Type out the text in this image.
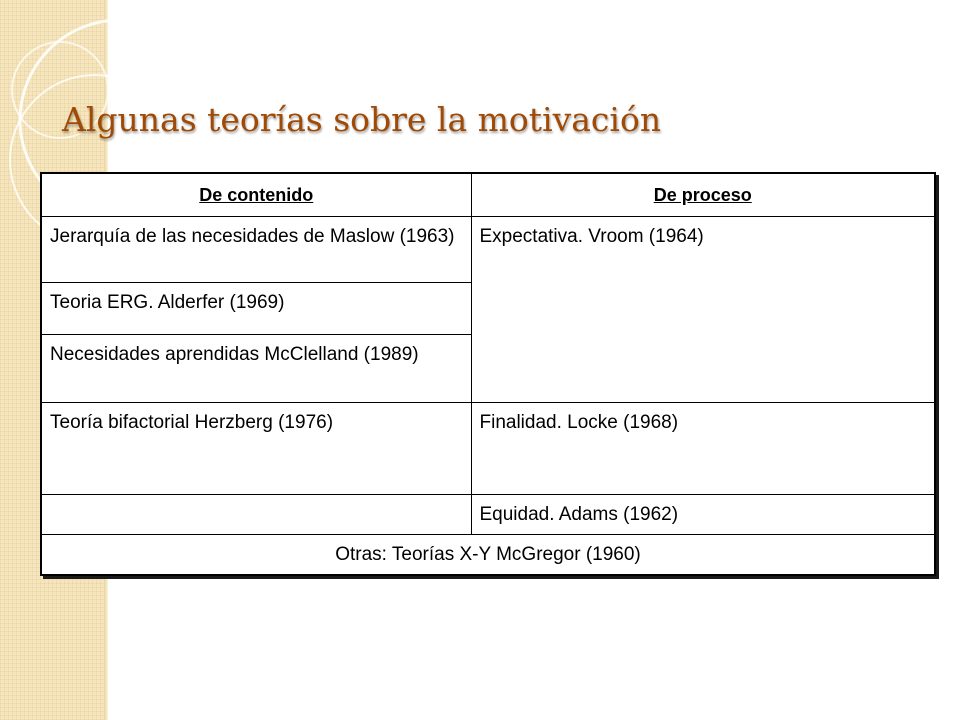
Algunas teorías sobre la motivación
De contenido	De proceso
Jerarquía de las necesidades de Maslow (1963)	Expectativa. Vroom (1964)
Teoria ERG. Alderfer (1969)	
Necesidades aprendidas McClelland (1989)	
Teoría bifactorial Herzberg (1976)	Finalidad. Locke (1968)
	Equidad. Adams (1962)
Otras: Teorías X-Y McGregor (1960)	
